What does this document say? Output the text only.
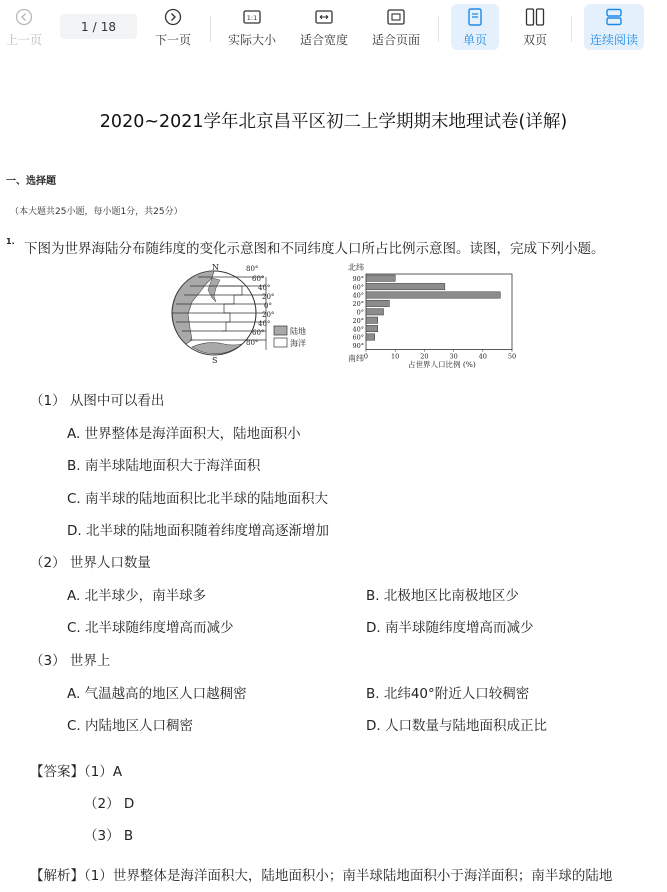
上一页
1 / 18
下一页
1:1
实际大小 适合宽度 适合页面	单页	双页	连续阅读
2020~2021学年北京昌平区初二上学期期末地理试卷(详解)
一、选择题
（本大题共25小题，每小题1分，共25分）
1. 下图为世界海陆分布随纬度的变化示意图和不同纬度人口所占比例示意图。读图，完成下列小题。
N
S
80°
60°
40°
20°
0°
20°
40°
60°
80°
陆地
海洋
北纬
南纬
占世界人口比例 (%)
90°
60°
40°
20°
0°
20°
40°
60°
90°
0	10	20	30	40	50
（1） 从图中可以看出
A. 世界整体是海洋面积大，陆地面积小
B. 南半球陆地面积大于海洋面积
C. 南半球的陆地面积比北半球的陆地面积大
D. 北半球的陆地面积随着纬度增高逐渐增加
（2） 世界人口数量
A. 北半球少，南半球多	B. 北极地区比南极地区少
C. 北半球随纬度增高而减少	D. 南半球随纬度增高而减少
（3） 世界上
A. 气温越高的地区人口越稠密	B. 北纬40°附近人口较稠密
C. 内陆地区人口稠密	D. 人口数量与陆地面积成正比
【答案】（1）A
（2） D
（3） B
【解析】（1）世界整体是海洋面积大，陆地面积小；南半球陆地面积小于海洋面积；南半球的陆地
